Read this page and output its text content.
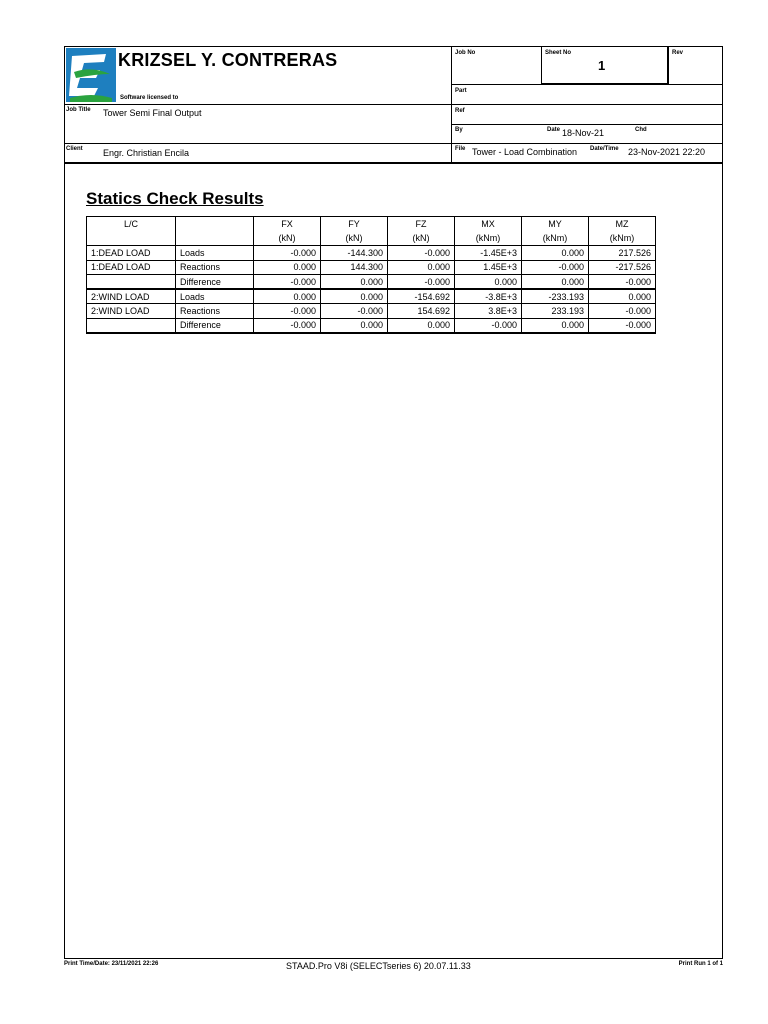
KRIZSEL Y. CONTRERAS
Software licensed to
Job Title Tower Semi Final Output
Client Engr. Christian Encila
Job No	Sheet No
1
Rev
Part
Ref
By	Date 18-Nov-21	Chd
File Tower - Load Combination	Date/Time 23-Nov-2021 22:20
Statics Check Results
L/C		FX	FY	FZ	MX	MY	MZ
		(kN)	(kN)	(kN)	(kNm)	(kNm)	(kNm)
1:DEAD LOAD	Loads	-0.000	-144.300	-0.000	-1.45E+3	0.000	217.526
1:DEAD LOAD	Reactions	0.000	144.300	0.000	1.45E+3	-0.000	-217.526
	Difference	-0.000	0.000	-0.000	0.000	0.000	-0.000
2:WIND LOAD	Loads	0.000	0.000	-154.692	-3.8E+3	-233.193	0.000
2:WIND LOAD	Reactions	-0.000	-0.000	154.692	3.8E+3	233.193	-0.000
	Difference	-0.000	0.000	0.000	-0.000	0.000	-0.000
Print Time/Date: 23/11/2021 22:26	STAAD.Pro V8i (SELECTseries 6) 20.07.11.33	Print Run 1 of 1
